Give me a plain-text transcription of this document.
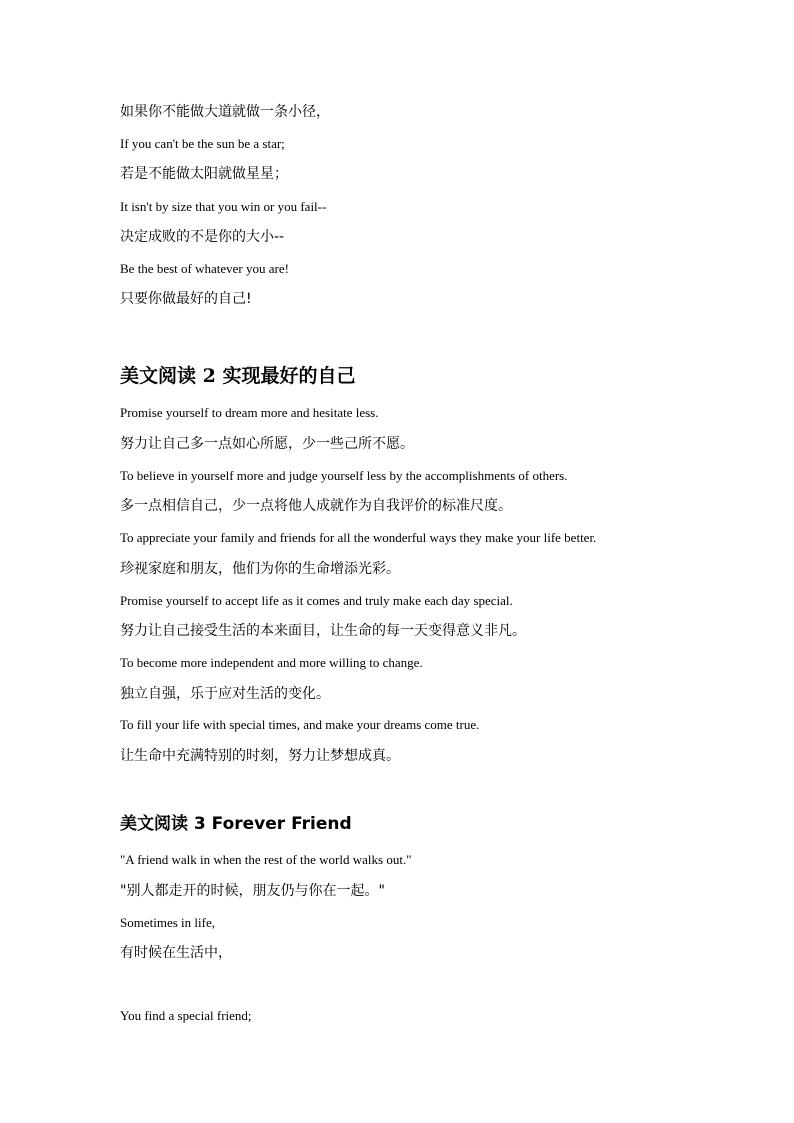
如果你不能做大道就做一条小径，
If you can't be the sun be a star;
若是不能做太阳就做星星；
It isn't by size that you win or you fail--
决定成败的不是你的大小--
Be the best of whatever you are!
只要你做最好的自己!
美文阅读 2 实现最好的自己
Promise yourself to dream more and hesitate less.
努力让自己多一点如心所愿，少一些己所不愿。
To believe in yourself more and judge yourself less by the accomplishments of others.
多一点相信自己，少一点将他人成就作为自我评价的标准尺度。
To appreciate your family and friends for all the wonderful ways they make your life better.
珍视家庭和朋友，他们为你的生命增添光彩。
Promise yourself to accept life as it comes and truly make each day special.
努力让自己接受生活的本来面目，让生命的每一天变得意义非凡。
To become more independent and more willing to change.
独立自强，乐于应对生活的变化。
To fill your life with special times, and make your dreams come true.
让生命中充满特别的时刻，努力让梦想成真。
美文阅读 3 Forever Friend
"A friend walk in when the rest of the world walks out."
"别人都走开的时候，朋友仍与你在一起。"
Sometimes in life,
有时候在生活中，
You find a special friend;
